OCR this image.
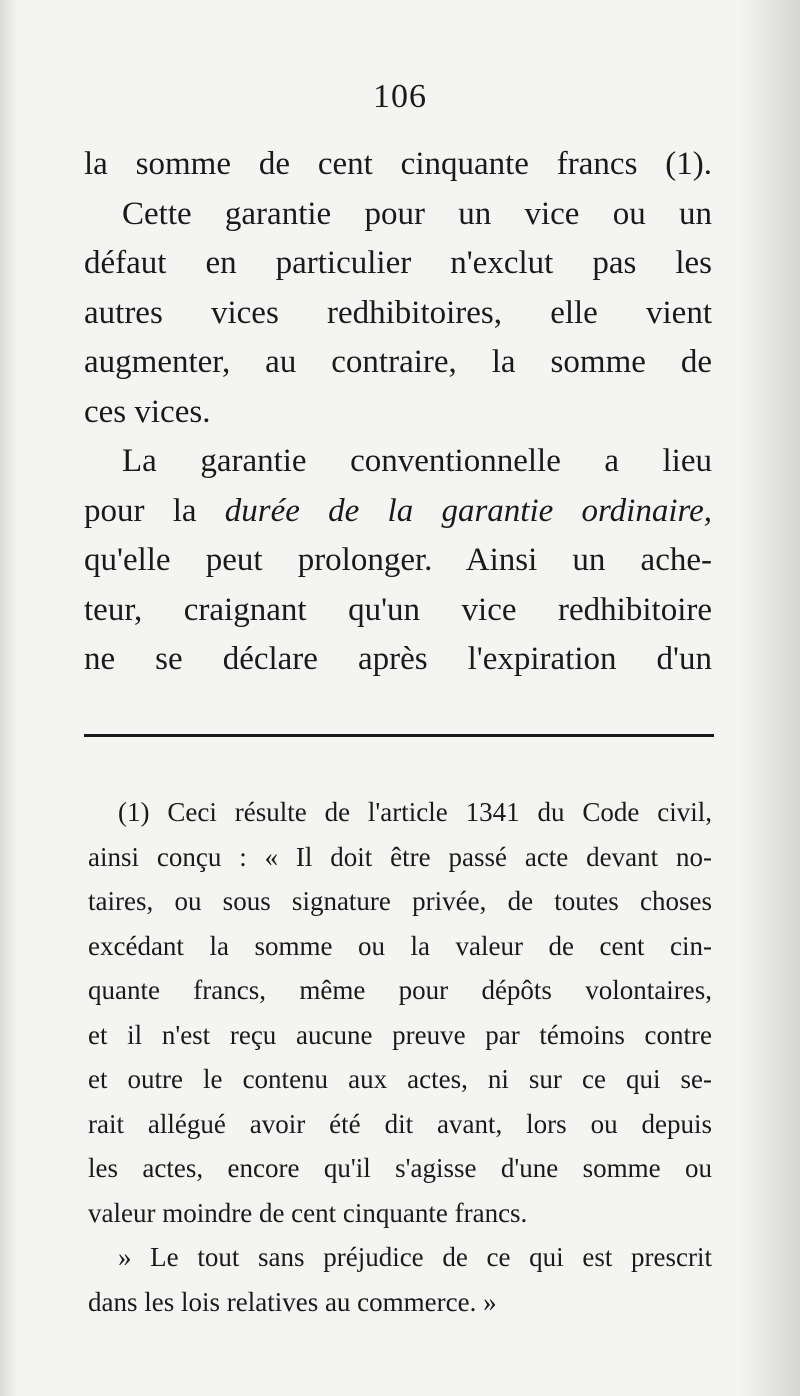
106
la somme de cent cinquante francs (1).
Cette garantie pour un vice ou un
défaut en particulier n'exclut pas les
autres vices redhibitoires, elle vient
augmenter, au contraire, la somme de
ces vices.
La garantie conventionnelle a lieu
pour la durée de la garantie ordinaire,
qu'elle peut prolonger. Ainsi un ache-
teur, craignant qu'un vice redhibitoire
ne se déclare après l'expiration d'un
(1) Ceci résulte de l'article 1341 du Code civil,
ainsi conçu : « Il doit être passé acte devant no-
taires, ou sous signature privée, de toutes choses
excédant la somme ou la valeur de cent cin-
quante francs, même pour dépôts volontaires,
et il n'est reçu aucune preuve par témoins contre
et outre le contenu aux actes, ni sur ce qui se-
rait allégué avoir été dit avant, lors ou depuis
les actes, encore qu'il s'agisse d'une somme ou
valeur moindre de cent cinquante francs.
» Le tout sans préjudice de ce qui est prescrit
dans les lois relatives au commerce. »
